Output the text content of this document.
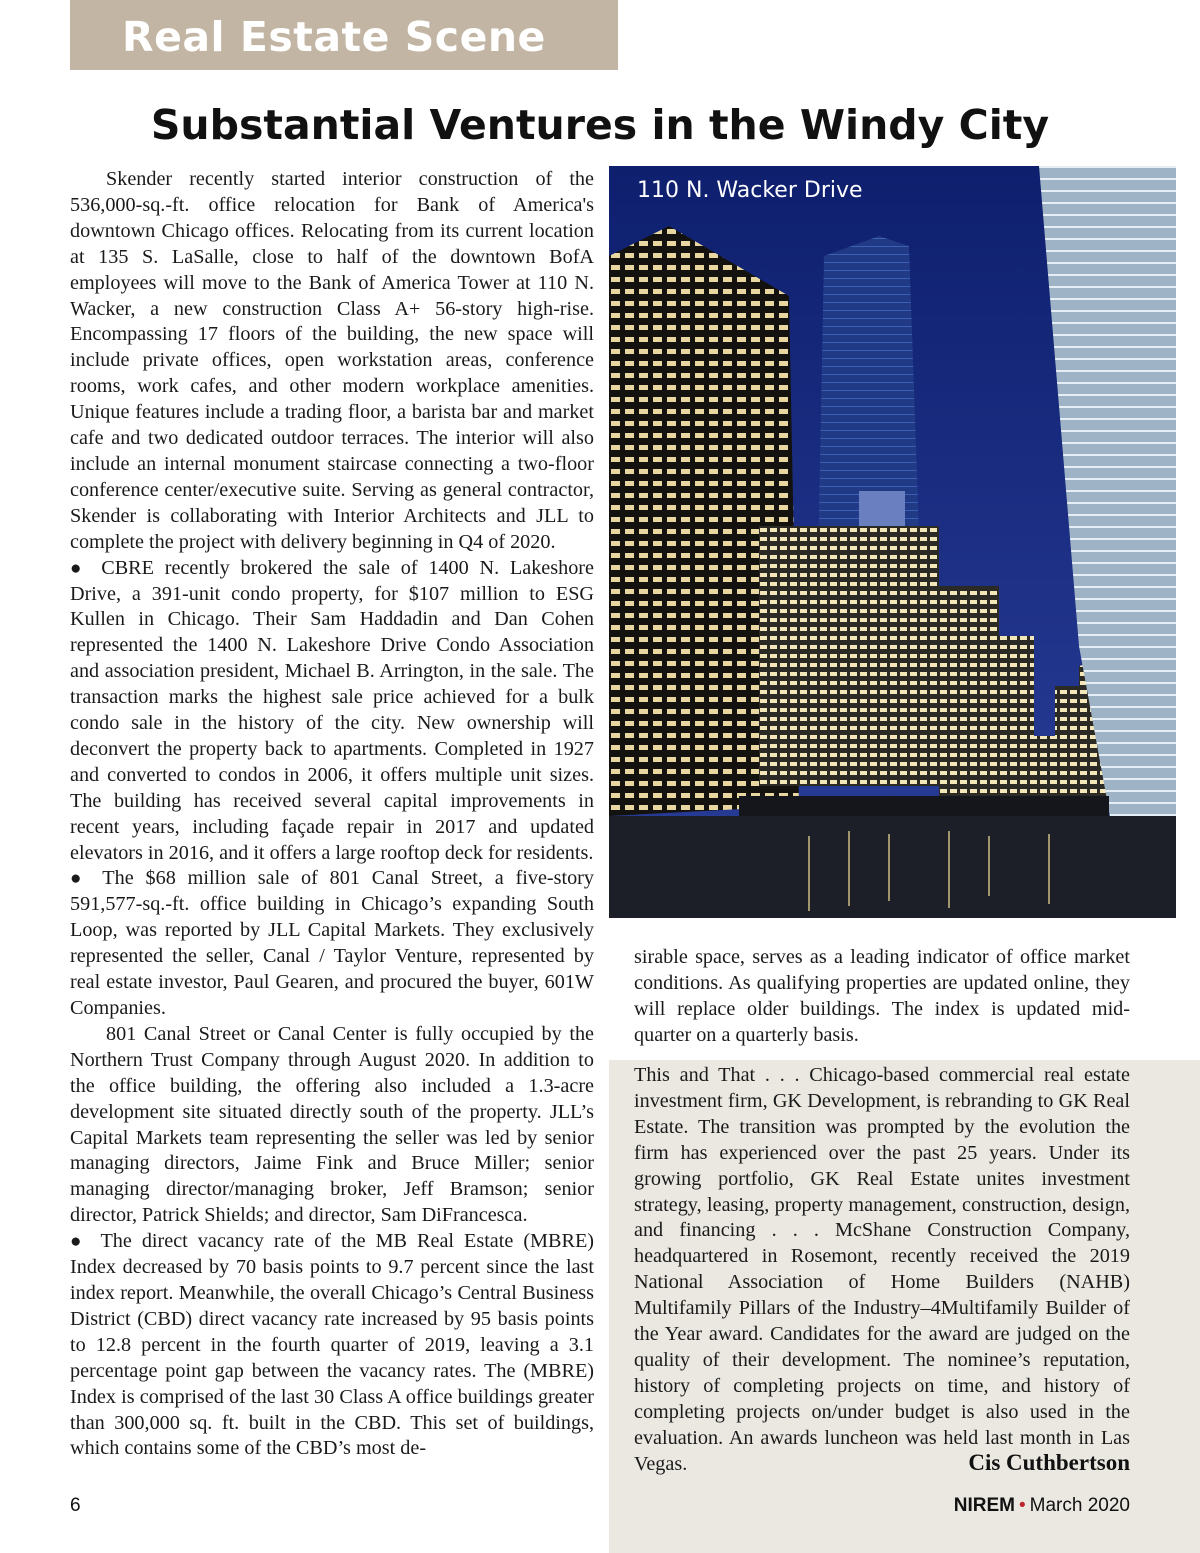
Real Estate Scene
Substantial Ventures in the Windy City

Skender recently started interior construction of the 536,000-sq.-ft. office relocation for Bank of America's downtown Chicago offices. Relocating from its current location at 135 S. LaSalle, close to half of the downtown BofA employees will move to the Bank of America Tower at 110 N. Wacker, a new construction Class A+ 56-story high-rise. Encompassing 17 floors of the building, the new space will include private offices, open workstation areas, conference rooms, work cafes, and other modern workplace amenities. Unique features include a trading floor, a barista bar and market cafe and two dedicated outdoor terraces. The interior will also include an internal monument staircase connecting a two-floor conference center/executive suite. Serving as general contractor, Skender is collaborating with Interior Architects and JLL to complete the project with delivery beginning in Q4 of 2020.

● CBRE recently brokered the sale of 1400 N. Lakeshore Drive, a 391-unit condo property, for $107 million to ESG Kullen in Chicago. Their Sam Haddadin and Dan Cohen represented the 1400 N. Lakeshore Drive Condo Association and association president, Michael B. Arrington, in the sale. The transaction marks the highest sale price achieved for a bulk condo sale in the history of the city. New ownership will deconvert the property back to apartments. Completed in 1927 and converted to condos in 2006, it offers multiple unit sizes. The building has received several capital improvements in recent years, including façade repair in 2017 and updated elevators in 2016, and it offers a large rooftop deck for residents.

● The $68 million sale of 801 Canal Street, a five-story 591,577-sq.-ft. office building in Chicago’s expanding South Loop, was reported by JLL Capital Markets. They exclusively represented the seller, Canal / Taylor Venture, represented by real estate investor, Paul Gearen, and procured the buyer, 601W Companies.

801 Canal Street or Canal Center is fully occupied by the Northern Trust Company through August 2020. In addition to the office building, the offering also included a 1.3-acre development site situated directly south of the property. JLL’s Capital Markets team representing the seller was led by senior managing directors, Jaime Fink and Bruce Miller; senior managing director/managing broker, Jeff Bramson; senior director, Patrick Shields; and director, Sam DiFrancesca.

● The direct vacancy rate of the MB Real Estate (MBRE) Index decreased by 70 basis points to 9.7 percent since the last index report. Meanwhile, the overall Chicago’s Central Business District (CBD) direct vacancy rate increased by 95 basis points to 12.8 percent in the fourth quarter of 2019, leaving a 3.1 percentage point gap between the vacancy rates. The (MBRE) Index is comprised of the last 30 Class A office buildings greater than 300,000 sq. ft. built in the CBD. This set of buildings, which contains some of the CBD’s most de-

110 N. Wacker Drive

sirable space, serves as a leading indicator of office market conditions. As qualifying properties are updated online, they will replace older buildings. The index is updated mid-quarter on a quarterly basis.

This and That . . . Chicago-based commercial real estate investment firm, GK Development, is rebranding to GK Real Estate. The transition was prompted by the evolution the firm has experienced over the past 25 years. Under its growing portfolio, GK Real Estate unites investment strategy, leasing, property management, construction, design, and financing . . . McShane Construction Company, headquartered in Rosemont, recently received the 2019 National Association of Home Builders (NAHB) Multifamily Pillars of the Industry–4Multifamily Builder of the Year award. Candidates for the award are judged on the quality of their development. The nominee’s reputation, history of completing projects on time, and history of completing projects on/under budget is also used in the evaluation. An awards luncheon was held last month in Las Vegas.	Cis Cuthbertson
6	NIREM • March 2020
